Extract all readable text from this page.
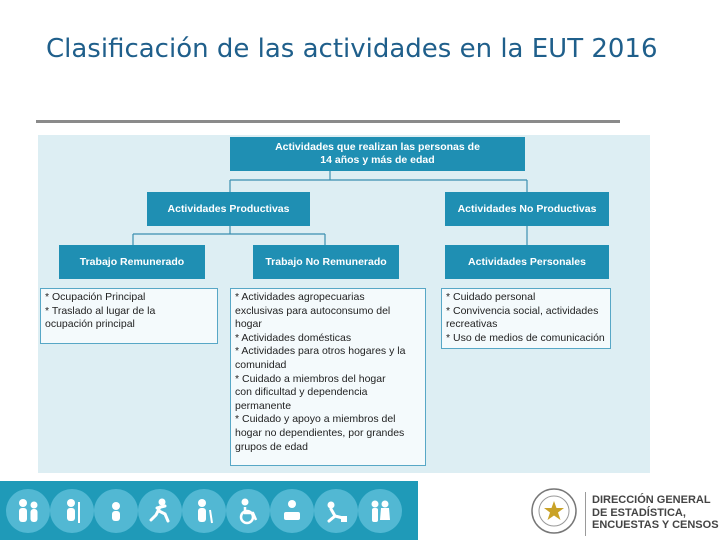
Clasificación de las actividades en la EUT 2016
Actividades que realizan las personas de
14 años y más de edad
Actividades Productivas	Actividades No Productivas
Trabajo Remunerado	Trabajo No Remunerado	Actividades Personales
* Ocupación Principal
* Traslado al lugar de la
ocupación principal
* Actividades agropecuarias
exclusivas para autoconsumo del
hogar
* Actividades domésticas
* Actividades para otros hogares y la
comunidad
* Cuidado a miembros del hogar
con dificultad y dependencia
permanente
* Cuidado y apoyo a miembros del
hogar no dependientes, por grandes
grupos de edad
* Cuidado personal
* Convivencia social, actividades
recreativas
* Uso de medios de comunicación
DIRECCIÓN GENERAL
DE ESTADÍSTICA,
ENCUESTAS Y CENSOS
